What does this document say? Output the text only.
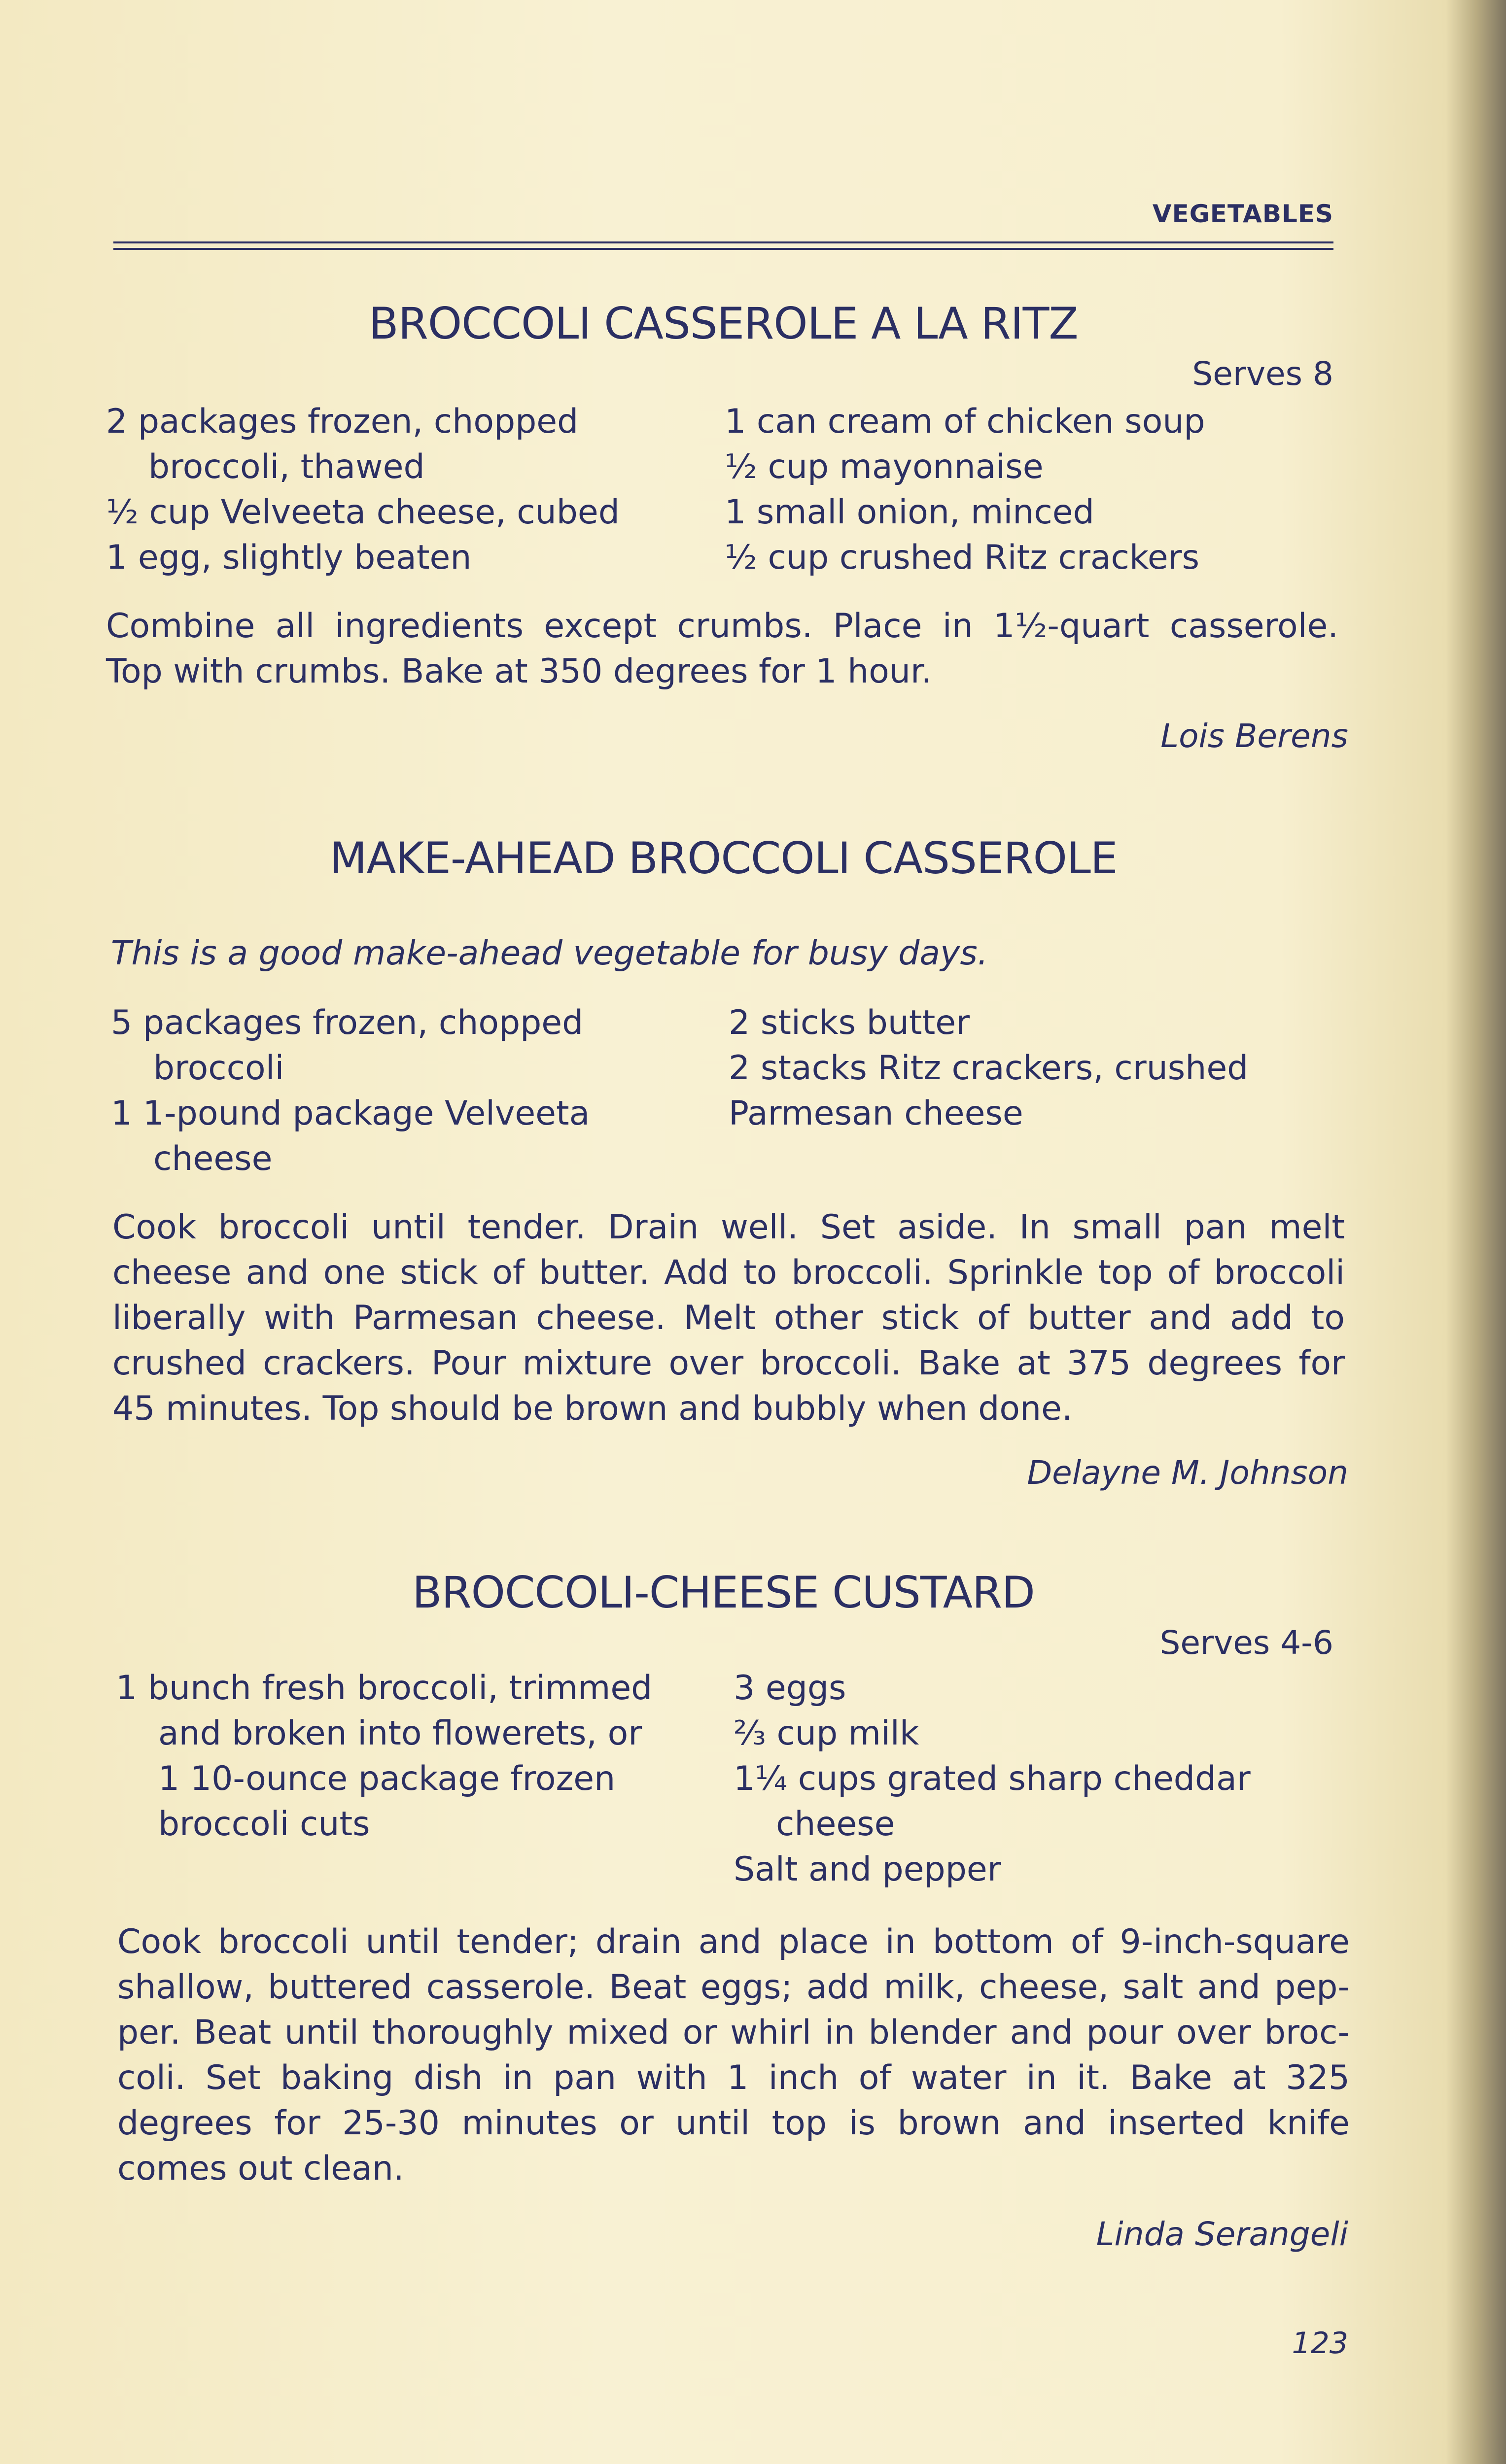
VEGETABLES
BROCCOLI CASSEROLE A LA RITZ
Serves 8
2 packages frozen, chopped
broccoli, thawed
½ cup Velveeta cheese, cubed
1 egg, slightly beaten
1 can cream of chicken soup
½ cup mayonnaise
1 small onion, minced
½ cup crushed Ritz crackers
Combine all ingredients except crumbs. Place in 1½-quart casserole.
Top with crumbs. Bake at 350 degrees for 1 hour.
Lois Berens
MAKE-AHEAD BROCCOLI CASSEROLE
This is a good make-ahead vegetable for busy days.
5 packages frozen, chopped
broccoli
1 1-pound package Velveeta
cheese
2 sticks butter
2 stacks Ritz crackers, crushed
Parmesan cheese
Cook broccoli until tender. Drain well. Set aside. In small pan melt
cheese and one stick of butter. Add to broccoli. Sprinkle top of broccoli
liberally with Parmesan cheese. Melt other stick of butter and add to
crushed crackers. Pour mixture over broccoli. Bake at 375 degrees for
45 minutes. Top should be brown and bubbly when done.
Delayne M. Johnson
BROCCOLI-CHEESE CUSTARD
Serves 4-6
1 bunch fresh broccoli, trimmed
and broken into flowerets, or
1 10-ounce package frozen
broccoli cuts
3 eggs
⅔ cup milk
1¼ cups grated sharp cheddar
cheese
Salt and pepper
Cook broccoli until tender; drain and place in bottom of 9-inch-square
shallow, buttered casserole. Beat eggs; add milk, cheese, salt and pep-
per. Beat until thoroughly mixed or whirl in blender and pour over broc-
coli. Set baking dish in pan with 1 inch of water in it. Bake at 325
degrees for 25-30 minutes or until top is brown and inserted knife
comes out clean.
Linda Serangeli
123
